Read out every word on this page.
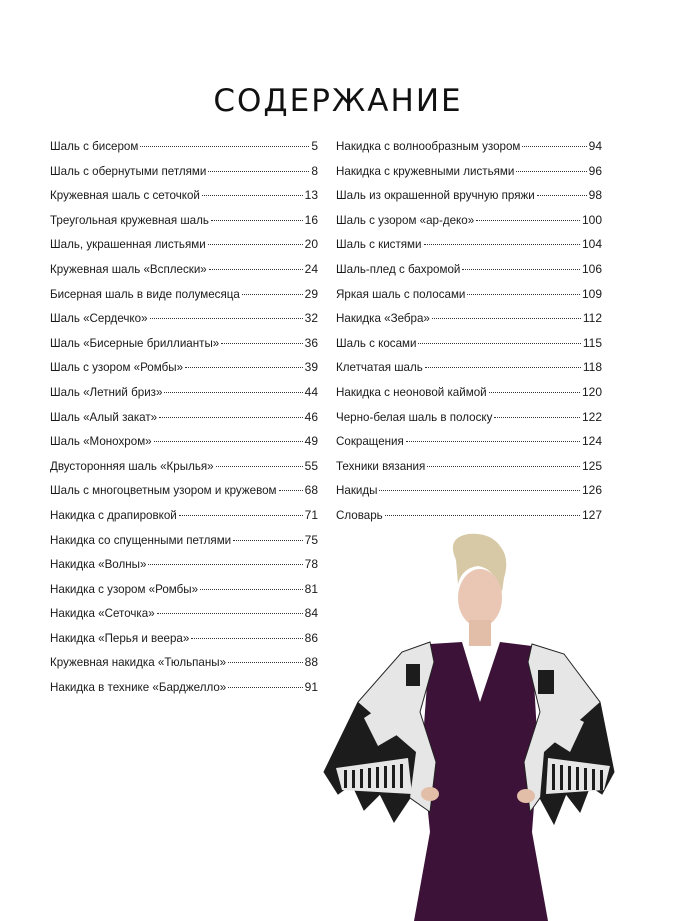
СОДЕРЖАНИЕ
Шаль с бисером	5
Шаль с обернутыми петлями	8
Кружевная шаль с сеточкой	13
Треугольная кружевная шаль	16
Шаль, украшенная листьями	20
Кружевная шаль «Всплески»	24
Бисерная шаль в виде полумесяца	29
Шаль «Сердечко»	32
Шаль «Бисерные бриллианты»	36
Шаль с узором «Ромбы»	39
Шаль «Летний бриз»	44
Шаль «Алый закат»	46
Шаль «Монохром»	49
Двусторонняя шаль «Крылья»	55
Шаль с многоцветным узором и кружевом 68
Накидка с драпировкой	71
Накидка со спущенными петлями	75
Накидка «Волны»	78
Накидка с узором «Ромбы»	81
Накидка «Сеточка»	84
Накидка «Перья и веера»	86
Кружевная накидка «Тюльпаны»	88
Накидка в технике «Барджелло»	91
Накидка с волнообразным узором	94
Накидка с кружевными листьями	96
Шаль из окрашенной вручную пряжи	98
Шаль с узором «ар-деко»	100
Шаль с кистями	104
Шаль-плед с бахромой	106
Яркая шаль с полосами	109
Накидка «Зебра»	112
Шаль с косами	115
Клетчатая шаль	118
Накидка с неоновой каймой	120
Черно-белая шаль в полоску	122
Сокращения	124
Техники вязания	125
Накиды	126
Словарь	127
